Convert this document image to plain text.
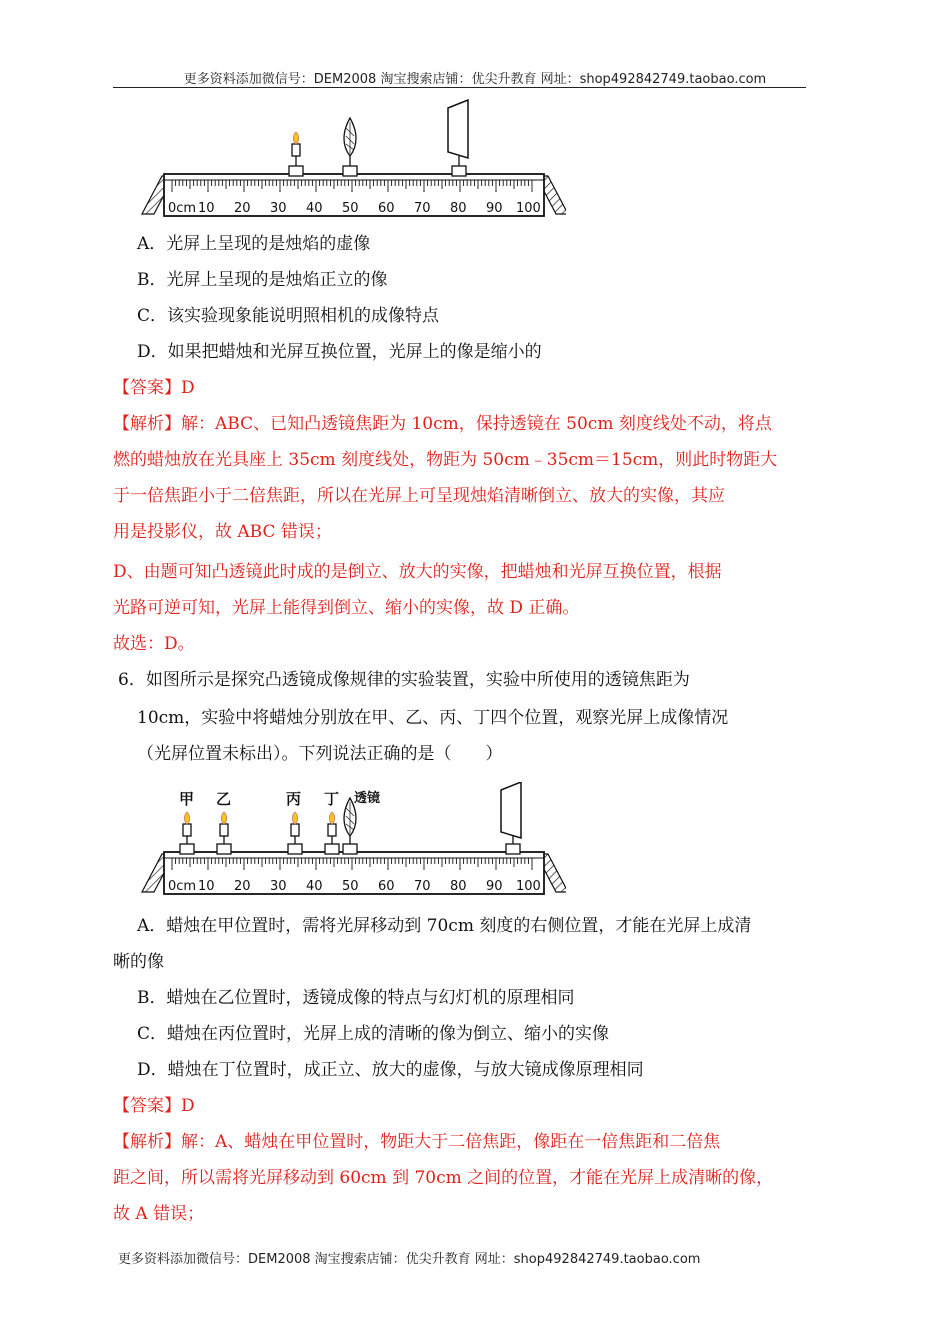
更多资料添加微信号：DEM2008 淘宝搜索店铺：优尖升教育 网址：shop492842749.taobao.com
0cm 10 20 30 40 50 60 70 80 90 100
A．光屏上呈现的是烛焰的虚像
B．光屏上呈现的是烛焰正立的像
C．该实验现象能说明照相机的成像特点
D．如果把蜡烛和光屏互换位置，光屏上的像是缩小的
【答案】D
【解析】解：ABC、已知凸透镜焦距为 10cm，保持透镜在 50cm 刻度线处不动，将点
燃的蜡烛放在光具座上 35cm 刻度线处，物距为 50cm﹣35cm＝15cm，则此时物距大
于一倍焦距小于二倍焦距，所以在光屏上可呈现烛焰清晰倒立、放大的实像，其应
用是投影仪，故 ABC 错误；
D、由题可知凸透镜此时成的是倒立、放大的实像，把蜡烛和光屏互换位置，根据
光路可逆可知，光屏上能得到倒立、缩小的实像，故 D 正确。
故选：D。
6．如图所示是探究凸透镜成像规律的实验装置，实验中所使用的透镜焦距为
10cm，实验中将蜡烛分别放在甲、乙、丙、丁四个位置，观察光屏上成像情况
（光屏位置未标出）。下列说法正确的是（　　）
甲 乙	丙 丁 透镜
0cm 10 20 30 40 50 60 70 80 90 100
A．蜡烛在甲位置时，需将光屏移动到 70cm 刻度的右侧位置，才能在光屏上成清
晰的像
B．蜡烛在乙位置时，透镜成像的特点与幻灯机的原理相同
C．蜡烛在丙位置时，光屏上成的清晰的像为倒立、缩小的实像
D．蜡烛在丁位置时，成正立、放大的虚像，与放大镜成像原理相同
【答案】D
【解析】解：A、蜡烛在甲位置时，物距大于二倍焦距，像距在一倍焦距和二倍焦
距之间，所以需将光屏移动到 60cm 到 70cm 之间的位置，才能在光屏上成清晰的像，
故 A 错误；
更多资料添加微信号：DEM2008 淘宝搜索店铺：优尖升教育 网址：shop492842749.taobao.com
